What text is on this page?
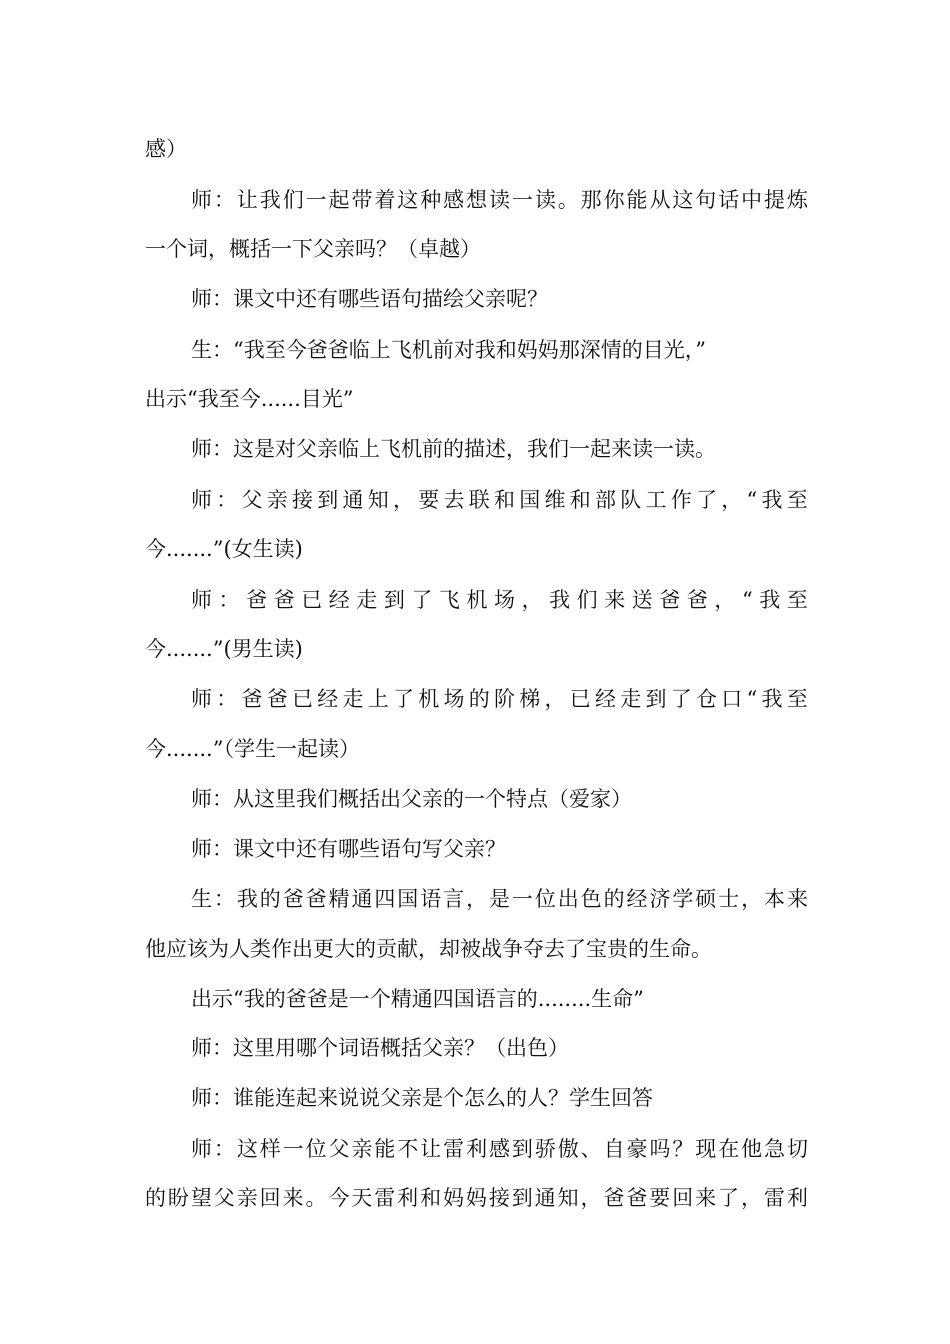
感）
师 ： 让 我 们 一 起 带 着 这 种 感 想 读 一 读 。 那 你 能 从 这 句 话 中 提 炼
一个词，概括一下父亲吗？（卓越）
师：课文中还有哪些语句描绘父亲呢？
生：“我至今爸爸临上飞机前对我和妈妈那深情的目光，”
出示“我至今......目光”
师：这是对父亲临上飞机前的描述，我们一起来读一读。
师 ： 父 亲 接 到 通 知 ， 要 去 联 和 国 维 和 部 队 工 作 了 ， “ 我 至
今.......”(女生读)
师 ： 爸 爸 已 经 走 到 了 飞 机 场 ， 我 们 来 送 爸 爸 ， “ 我 至
今.......”(男生读)
师 ： 爸 爸 已 经 走 上 了 机 场 的 阶 梯 ， 已 经 走 到 了 仓 口 “ 我 至
今.......”（学生一起读）
师：从这里我们概括出父亲的一个特点（爱家）
师：课文中还有哪些语句写父亲？
生 ： 我 的 爸 爸 精 通 四 国 语 言 ， 是 一 位 出 色 的 经 济 学 硕 士 ， 本 来
他应该为人类作出更大的贡献，却被战争夺去了宝贵的生命。
出示“我的爸爸是一个精通四国语言的........生命”
师：这里用哪个词语概括父亲？（出色）
师：谁能连起来说说父亲是个怎么的人？学生回答
师 ： 这 样 一 位 父 亲 能 不 让 雷 利 感 到 骄 傲 、 自 豪 吗 ？ 现 在 他 急 切
的 盼 望 父 亲 回 来 。 今 天 雷 利 和 妈 妈 接 到 通 知 ， 爸 爸 要 回 来 了 ， 雷 利
